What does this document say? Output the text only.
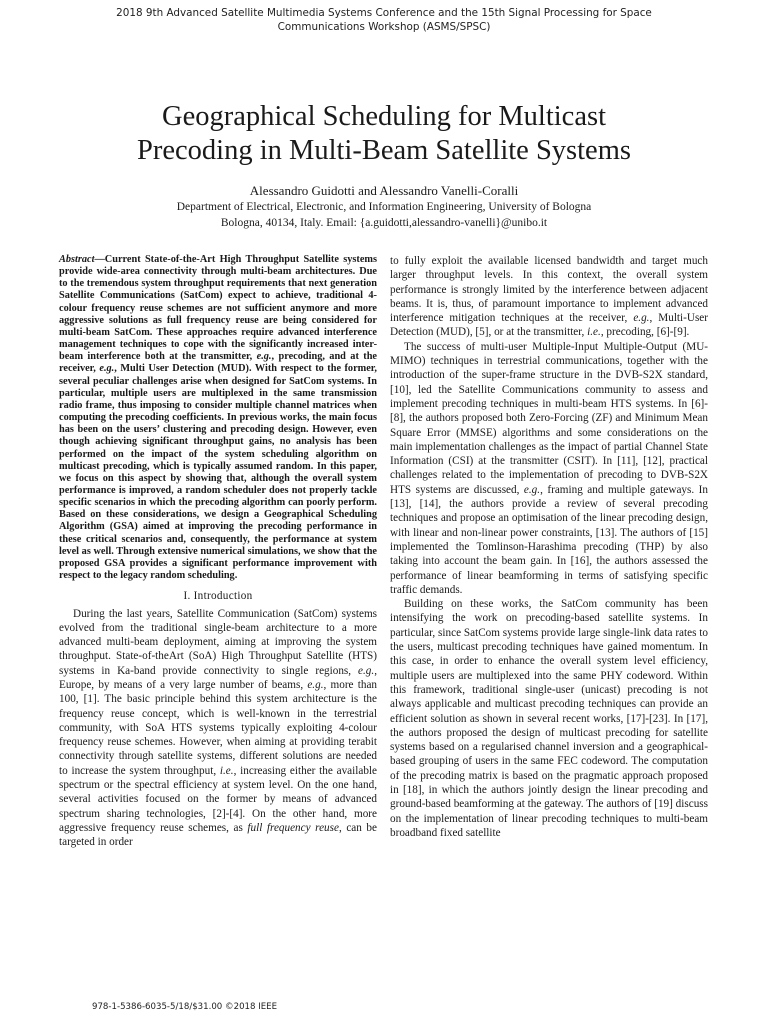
2018 9th Advanced Satellite Multimedia Systems Conference and the 15th Signal Processing for Space
Communications Workshop (ASMS/SPSC)
Geographical Scheduling for Multicast
Precoding in Multi-Beam Satellite Systems
Alessandro Guidotti and Alessandro Vanelli-Coralli
Department of Electrical, Electronic, and Information Engineering, University of Bologna
Bologna, 40134, Italy. Email: {a.guidotti,alessandro-vanelli}@unibo.it

Abstract—Current State-of-the-Art High Throughput Satellite systems provide wide-area connectivity through multi-beam architectures. Due to the tremendous system throughput requirements that next generation Satellite Communications (SatCom) expect to achieve, traditional 4-colour frequency reuse schemes are not sufficient anymore and more aggressive solutions as full frequency reuse are being considered for multi-beam SatCom. These approaches require advanced interference management techniques to cope with the significantly increased inter-beam interference both at the transmitter, e.g., precoding, and at the receiver, e.g., Multi User Detection (MUD). With respect to the former, several peculiar challenges arise when designed for SatCom systems. In particular, multiple users are multiplexed in the same transmission radio frame, thus imposing to consider multiple channel matrices when computing the precoding coefficients. In previous works, the main focus has been on the users’ clustering and precoding design. However, even though achieving significant throughput gains, no analysis has been performed on the impact of the system scheduling algorithm on multicast precoding, which is typically assumed random. In this paper, we focus on this aspect by showing that, although the overall system performance is improved, a random scheduler does not properly tackle specific scenarios in which the precoding algorithm can poorly perform. Based on these considerations, we design a Geographical Scheduling Algorithm (GSA) aimed at improving the precoding performance in these critical scenarios and, consequently, the performance at system level as well. Through extensive numerical simulations, we show that the proposed GSA provides a significant performance improvement with respect to the legacy random scheduling.

I. Introduction

During the last years, Satellite Communication (SatCom) systems evolved from the traditional single-beam architecture to a more advanced multi-beam deployment, aiming at improving the system throughput. State-of-theArt (SoA) High Throughput Satellite (HTS) systems in Ka-band provide connectivity to single regions, e.g., Europe, by means of a very large number of beams, e.g., more than 100, [1]. The basic principle behind this system architecture is the frequency reuse concept, which is well-known in the terrestrial community, with SoA HTS systems typically exploiting 4-colour frequency reuse schemes. However, when aiming at providing terabit connectivity through satellite systems, different solutions are needed to increase the system throughput, i.e., increasing either the available spectrum or the spectral efficiency at system level. On the one hand, several activities focused on the former by means of advanced spectrum sharing technologies, [2]-[4]. On the other hand, more aggressive frequency reuse schemes, as full frequency reuse, can be targeted in order

to fully exploit the available licensed bandwidth and target much larger throughput levels. In this context, the overall system performance is strongly limited by the interference between adjacent beams. It is, thus, of paramount importance to implement advanced interference mitigation techniques at the receiver, e.g., Multi-User Detection (MUD), [5], or at the transmitter, i.e., precoding, [6]-[9].

The success of multi-user Multiple-Input Multiple-Output (MU-MIMO) techniques in terrestrial communications, together with the introduction of the super-frame structure in the DVB-S2X standard, [10], led the Satellite Communications community to assess and implement precoding techniques in multi-beam HTS systems. In [6]-[8], the authors proposed both Zero-Forcing (ZF) and Minimum Mean Square Error (MMSE) algorithms and some considerations on the main implementation challenges as the impact of partial Channel State Information (CSI) at the transmitter (CSIT). In [11], [12], practical challenges related to the implementation of precoding to DVB-S2X HTS systems are discussed, e.g., framing and multiple gateways. In [13], [14], the authors provide a review of several precoding techniques and propose an optimisation of the linear precoding design, with linear and non-linear power constraints, [13]. The authors of [15] implemented the Tomlinson-Harashima precoding (THP) by also taking into account the beam gain. In [16], the authors assessed the performance of linear beamforming in terms of satisfying specific traffic demands.

Building on these works, the SatCom community has been intensifying the work on precoding-based satellite systems. In particular, since SatCom systems provide large single-link data rates to the users, multicast precoding techniques have gained momentum. In this case, in order to enhance the overall system level efficiency, multiple users are multiplexed into the same PHY codeword. Within this framework, traditional single-user (unicast) precoding is not always applicable and multicast precoding techniques can provide an efficient solution as shown in several recent works, [17]-[23]. In [17], the authors proposed the design of multicast precoding for satellite systems based on a regularised channel inversion and a geographical-based grouping of users in the same FEC codeword. The computation of the precoding matrix is based on the pragmatic approach proposed in [18], in which the authors jointly design the linear precoding and ground-based beamforming at the gateway. The authors of [19] discuss on the implementation of linear precoding techniques to multi-beam broadband fixed satellite

978-1-5386-6035-5/18/$31.00 ©2018 IEEE
